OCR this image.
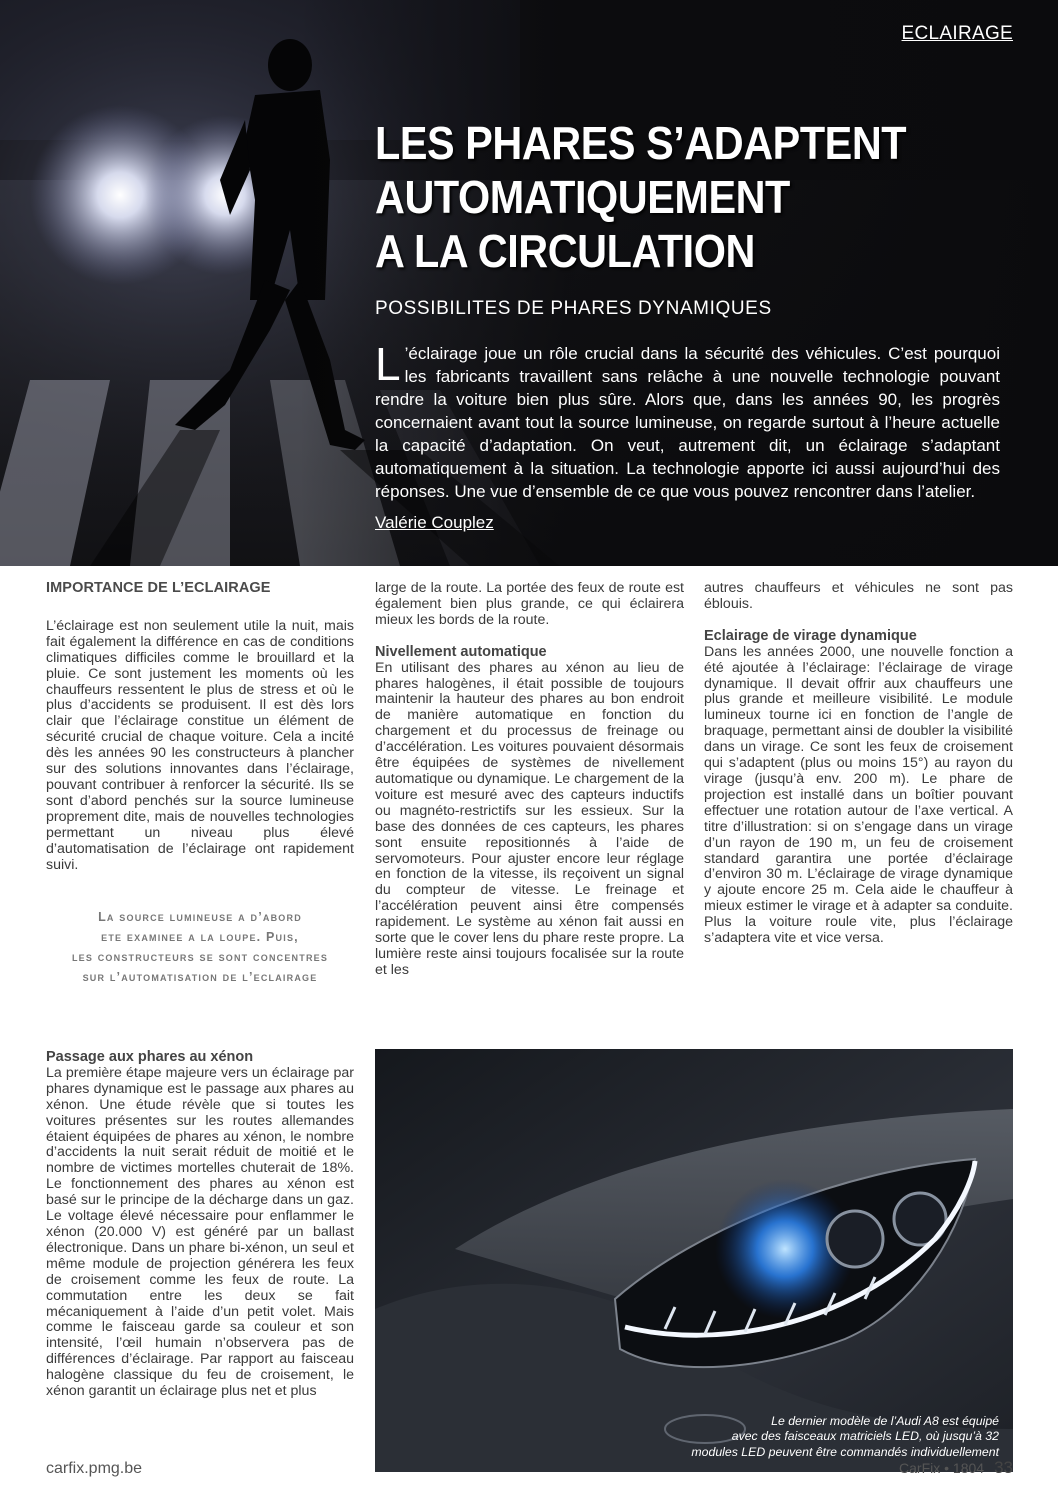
ECLAIRAGE
LES PHARES S’ADAPTENT
AUTOMATIQUEMENT
A LA CIRCULATION
POSSIBILITES DE PHARES DYNAMIQUES

L ’éclairage joue un rôle crucial dans la sécurité des véhicules. C’est pourquoi les fabricants travaillent sans relâche à une nouvelle technologie pouvant rendre la voiture bien plus sûre. Alors que, dans les années 90, les progrès concernaient avant tout la source lumineuse, on regarde surtout à l’heure actuelle la capacité d’adaptation. On veut, autrement dit, un éclairage s’adaptant automatiquement à la situation. La technologie apporte ici aussi aujourd’hui des réponses. Une vue d’ensemble de ce que vous pouvez rencontrer dans l’atelier.

Valérie Couplez
IMPORTANCE DE L’ECLAIRAGE

L’éclairage est non seulement utile la nuit, mais fait également la différence en cas de conditions climatiques difficiles comme le brouillard et la pluie. Ce sont justement les moments où les chauffeurs ressentent le plus de stress et où le plus d’accidents se produisent. Il est dès lors clair que l’éclairage constitue un élément de sécurité crucial de chaque voiture. Cela a incité dès les années 90 les constructeurs à plancher sur des solutions innovantes dans l’éclairage, pouvant contribuer à renforcer la sécurité. Ils se sont d’abord penchés sur la source lumineuse proprement dite, mais de nouvelles technologies permettant un niveau plus élevé d’automatisation de l’éclairage ont rapidement suivi.

La source lumineuse a d’abord
ete examinee a la loupe. Puis,
les constructeurs se sont concentres
sur l’automatisation de l’eclairage

large de la route. La portée des feux de route est également bien plus grande, ce qui éclairera mieux les bords de la route.

Nivellement automatique

En utilisant des phares au xénon au lieu de phares halogènes, il était possible de toujours maintenir la hauteur des phares au bon endroit de manière automatique en fonction du chargement et du processus de freinage ou d’accélération. Les voitures pouvaient désormais être équipées de systèmes de nivellement automatique ou dynamique. Le chargement de la voiture est mesuré avec des capteurs inductifs ou magnéto-restrictifs sur les essieux. Sur la base des données de ces capteurs, les phares sont ensuite repositionnés à l’aide de servomoteurs. Pour ajuster encore leur réglage en fonction de la vitesse, ils reçoivent un signal du compteur de vitesse. Le freinage et l’accélération peuvent ainsi être compensés rapidement. Le système au xénon fait aussi en sorte que le cover lens du phare reste propre. La lumière reste ainsi toujours focalisée sur la route et les

autres chauffeurs et véhicules ne sont pas éblouis.

Eclairage de virage dynamique

Dans les années 2000, une nouvelle fonction a été ajoutée à l’éclairage: l’éclairage de virage dynamique. Il devait offrir aux chauffeurs une plus grande et meilleure visibilité. Le module lumineux tourne ici en fonction de l’angle de braquage, permettant ainsi de doubler la visibilité dans un virage. Ce sont les feux de croisement qui s’adaptent (plus ou moins 15°) au rayon du virage (jusqu’à env. 200 m). Le phare de projection est installé dans un boîtier pouvant effectuer une rotation autour de l’axe vertical. A titre d’illustration: si on s’engage dans un virage d’un rayon de 190 m, un feu de croisement standard garantira une portée d’éclairage d’environ 30 m. L’éclairage de virage dynamique y ajoute encore 25 m. Cela aide le chauffeur à mieux estimer le virage et à adapter sa conduite. Plus la voiture roule vite, plus l’éclairage s’adaptera vite et vice versa.

Passage aux phares au xénon

La première étape majeure vers un éclairage par phares dynamique est le passage aux phares au xénon. Une étude révèle que si toutes les voitures présentes sur les routes allemandes étaient équipées de phares au xénon, le nombre d’accidents la nuit serait réduit de moitié et le nombre de victimes mortelles chuterait de 18%. Le fonctionnement des phares au xénon est basé sur le principe de la décharge dans un gaz. Le voltage élevé nécessaire pour enflammer le xénon (20.000 V) est généré par un ballast électronique. Dans un phare bi-xénon, un seul et même module de projection générera les feux de croisement comme les feux de route. La commutation entre les deux se fait mécaniquement à l’aide d’un petit volet. Mais comme le faisceau garde sa couleur et son intensité, l’œil humain n’observera pas de différences d’éclairage. Par rapport au faisceau halogène classique du feu de croisement, le xénon garantit un éclairage plus net et plus

Le dernier modèle de l’Audi A8 est équipé
avec des faisceaux matriciels LED, où jusqu’à 32
modules LED peuvent être commandés individuellement
carfix.pmg.be	CarFix • 1804 33
